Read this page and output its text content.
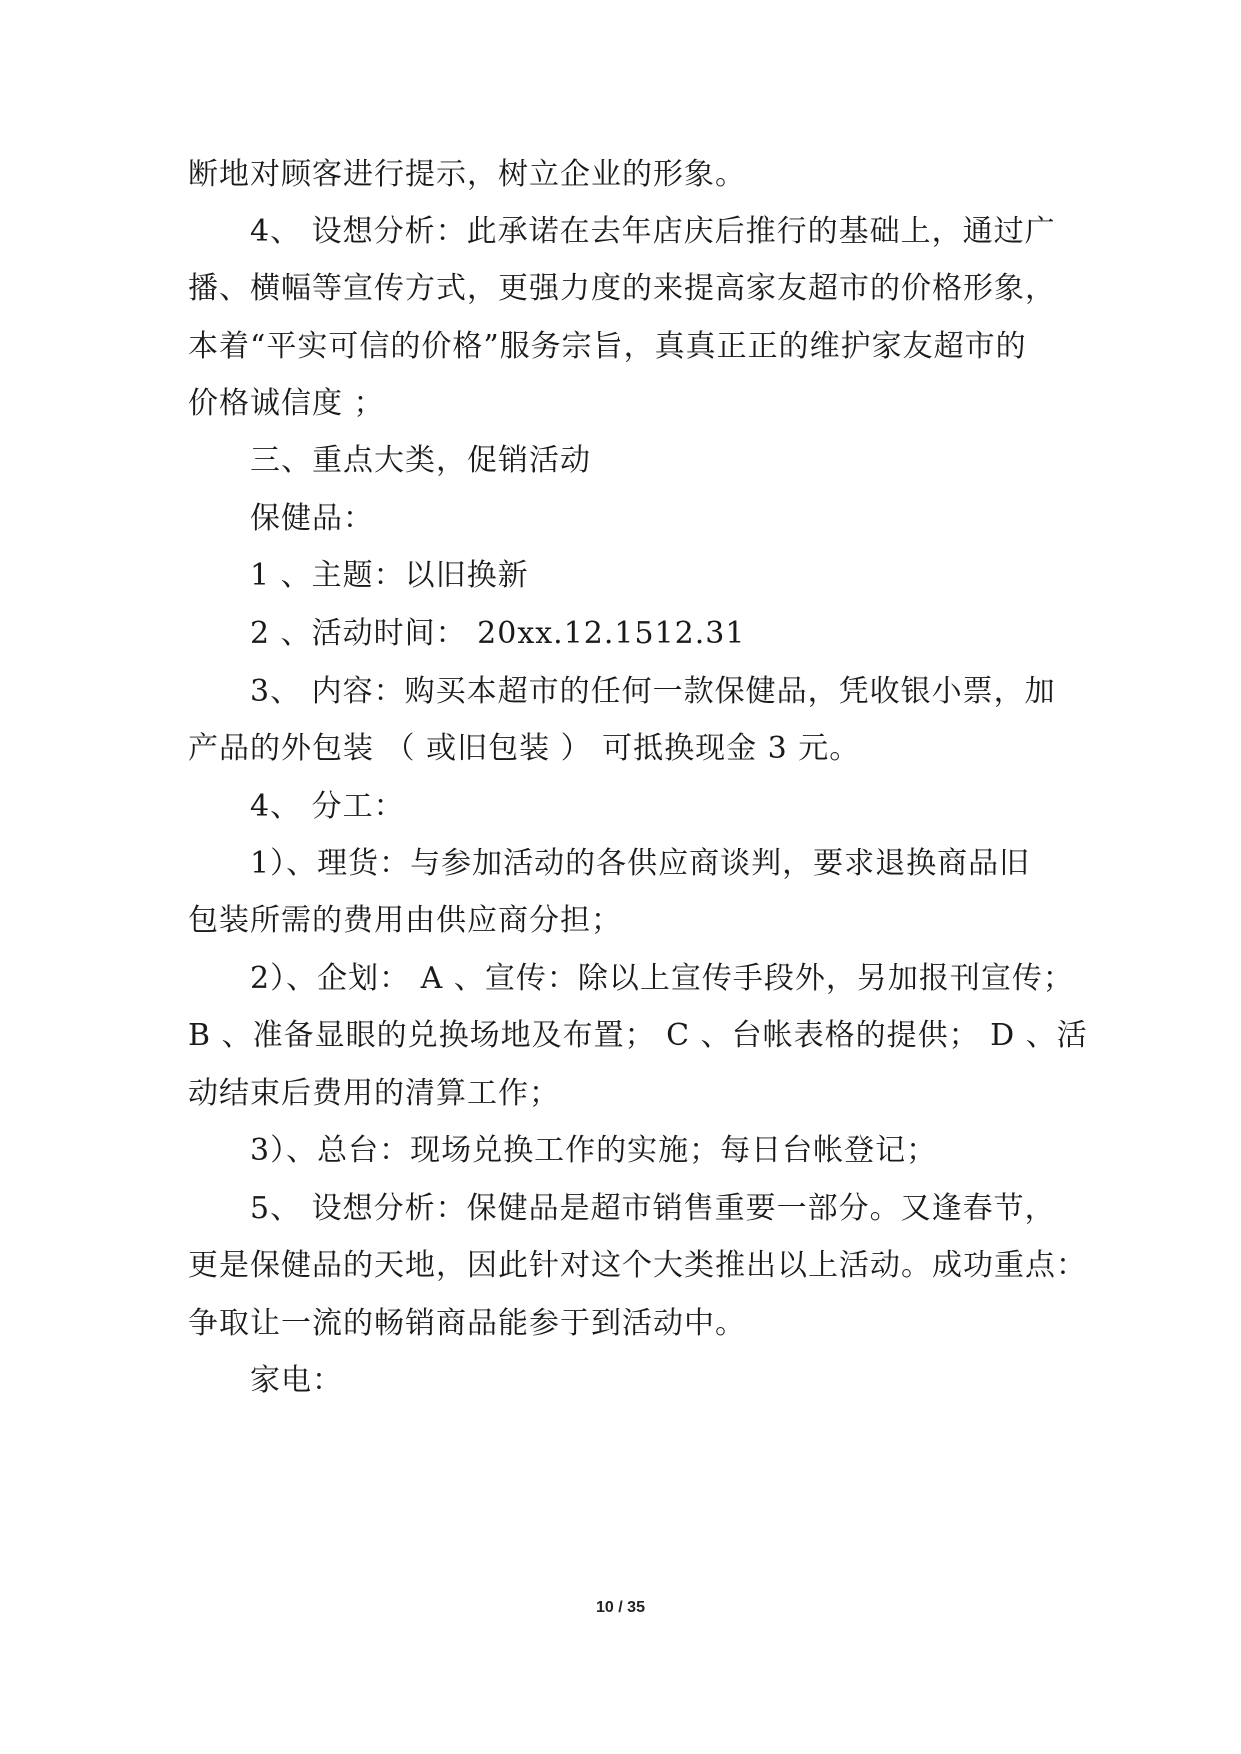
断地对顾客进行提示，树立企业的形象。
4、 设想分析：此承诺在去年店庆后推行的基础上，通过广
播、横幅等宣传方式，更强力度的来提高家友超市的价格形象，
本着“平实可信的价格”服务宗旨，真真正正的维护家友超市的
价格诚信度 ；
三、重点大类，促销活动
保健品：
1 、主题：以旧换新
2 、活动时间： 20xx.12.1512.31
3、 内容：购买本超市的任何一款保健品，凭收银小票，加
产品的外包装 （ 或旧包装 ） 可抵换现金 3 元。
4、 分工：
1）、理货：与参加活动的各供应商谈判，要求退换商品旧
包装所需的费用由供应商分担；
2）、企划： A 、宣传：除以上宣传手段外，另加报刊宣传；
B 、准备显眼的兑换场地及布置； C 、台帐表格的提供； D 、活
动结束后费用的清算工作；
3）、总台：现场兑换工作的实施；每日台帐登记；
5、 设想分析：保健品是超市销售重要一部分。又逢春节，
更是保健品的天地，因此针对这个大类推出以上活动。成功重点：
争取让一流的畅销商品能参于到活动中。
家电：
10 / 35
